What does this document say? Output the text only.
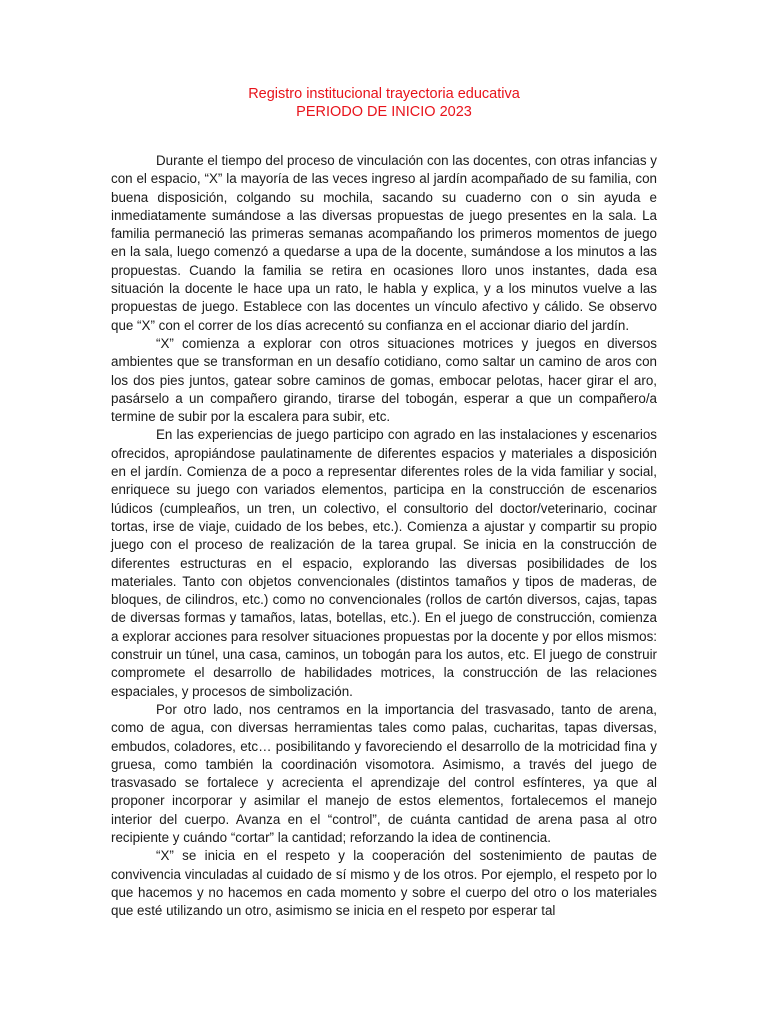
Registro institucional trayectoria educativa
PERIODO DE INICIO 2023

Durante el tiempo del proceso de vinculación con las docentes, con otras infancias y con el espacio, “X” la mayoría de las veces ingreso al jardín acompañado de su familia, con buena disposición, colgando su mochila, sacando su cuaderno con o sin ayuda e inmediatamente sumándose a las diversas propuestas de juego presentes en la sala. La familia permaneció las primeras semanas acompañando los primeros momentos de juego en la sala, luego comenzó a quedarse a upa de la docente, sumándose a los minutos a las propuestas. Cuando la familia se retira en ocasiones lloro unos instantes, dada esa situación la docente le hace upa un rato, le habla y explica, y a los minutos vuelve a las propuestas de juego. Establece con las docentes un vínculo afectivo y cálido. Se observo que “X” con el correr de los días acrecentó su confianza en el accionar diario del jardín.

“X” comienza a explorar con otros situaciones motrices y juegos en diversos ambientes que se transforman en un desafío cotidiano, como saltar un camino de aros con los dos pies juntos, gatear sobre caminos de gomas, embocar pelotas, hacer girar el aro, pasárselo a un compañero girando, tirarse del tobogán, esperar a que un compañero/a termine de subir por la escalera para subir, etc.

En las experiencias de juego participo con agrado en las instalaciones y escenarios ofrecidos, apropiándose paulatinamente de diferentes espacios y materiales a disposición en el jardín. Comienza de a poco a representar diferentes roles de la vida familiar y social, enriquece su juego con variados elementos, participa en la construcción de escenarios lúdicos (cumpleaños, un tren, un colectivo, el consultorio del doctor/veterinario, cocinar tortas, irse de viaje, cuidado de los bebes, etc.). Comienza a ajustar y compartir su propio juego con el proceso de realización de la tarea grupal. Se inicia en la construcción de diferentes estructuras en el espacio, explorando las diversas posibilidades de los materiales. Tanto con objetos convencionales (distintos tamaños y tipos de maderas, de bloques, de cilindros, etc.) como no convencionales (rollos de cartón diversos, cajas, tapas de diversas formas y tamaños, latas, botellas, etc.). En el juego de construcción, comienza a explorar acciones para resolver situaciones propuestas por la docente y por ellos mismos: construir un túnel, una casa, caminos, un tobogán para los autos, etc. El juego de construir compromete el desarrollo de habilidades motrices, la construcción de las relaciones espaciales, y procesos de simbolización.

Por otro lado, nos centramos en la importancia del trasvasado, tanto de arena, como de agua, con diversas herramientas tales como palas, cucharitas, tapas diversas, embudos, coladores, etc… posibilitando y favoreciendo el desarrollo de la motricidad fina y gruesa, como también la coordinación visomotora. Asimismo, a través del juego de trasvasado se fortalece y acrecienta el aprendizaje del control esfínteres, ya que al proponer incorporar y asimilar el manejo de estos elementos, fortalecemos el manejo interior del cuerpo. Avanza en el “control”, de cuánta cantidad de arena pasa al otro recipiente y cuándo “cortar” la cantidad; reforzando la idea de continencia.

“X” se inicia en el respeto y la cooperación del sostenimiento de pautas de convivencia vinculadas al cuidado de sí mismo y de los otros. Por ejemplo, el respeto por lo que hacemos y no hacemos en cada momento y sobre el cuerpo del otro o los materiales que esté utilizando un otro, asimismo se inicia en el respeto por esperar tal
